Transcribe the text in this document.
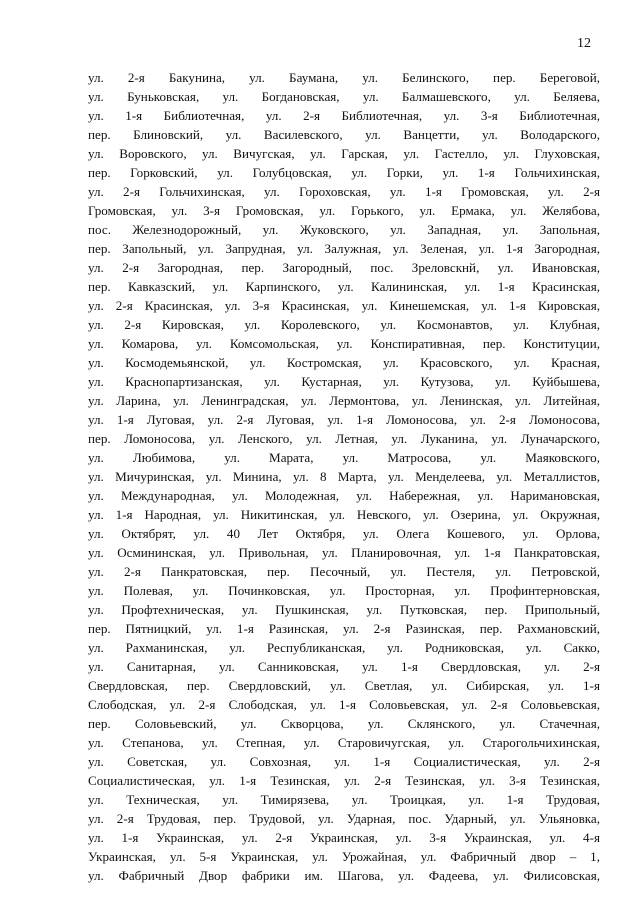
12
ул. 2-я Бакунина, ул. Баумана, ул. Белинского, пер. Береговой,
ул. Буньковская, ул. Богдановская, ул. Балмашевского, ул. Беляева,
ул. 1-я Библиотечная, ул. 2-я Библиотечная, ул. 3-я Библиотечная,
пер. Блиновский, ул. Василевского, ул. Ванцетти, ул. Володарского,
ул. Воровского, ул. Вичугская, ул. Гарская, ул. Гастелло, ул. Глуховская,
пер. Горковский, ул. Голубцовская, ул. Горки, ул. 1-я Гольчихинская,
ул. 2-я Гольчихинская, ул. Гороховская, ул. 1-я Громовская, ул. 2-я
Громовская, ул. 3-я Громовская, ул. Горького, ул. Ермака, ул. Желябова,
пос. Железнодорожный, ул. Жуковского, ул. Западная, ул. Запольная,
пер. Запольный, ул. Запрудная, ул. Залужная, ул. Зеленая, ул. 1-я Загородная,
ул. 2-я Загородная, пер. Загородный, пос. Зреловскнй, ул. Ивановская,
пер. Кавказский, ул. Карпинского, ул. Калининская, ул. 1-я Красинская,
ул. 2-я Красинская, ул. 3-я Красинская, ул. Кинешемская, ул. 1-я Кировская,
ул. 2-я Кировская, ул. Королевского, ул. Космонавтов, ул. Клубная,
ул. Комарова, ул. Комсомольская, ул. Конспиративная, пер. Конституции,
ул. Космодемьянской, ул. Костромская, ул. Красовского, ул. Красная,
ул. Краснопартизанская, ул. Кустарная, ул. Кутузова, ул. Куйбышева,
ул. Ларина, ул. Ленинградская, ул. Лермонтова, ул. Ленинская, ул. Литейная,
ул. 1-я Луговая, ул. 2-я Луговая, ул. 1-я Ломоносова, ул. 2-я Ломоносова,
пер. Ломоносова, ул. Ленского, ул. Летная, ул. Луканина, ул. Луначарского,
ул. Любимова, ул. Марата, ул. Матросова, ул. Маяковского,
ул. Мичуринская, ул. Минина, ул. 8 Марта, ул. Менделеева, ул. Металлистов,
ул. Международная, ул. Молодежная, ул. Набережная, ул. Наримановская,
ул. 1-я Народная, ул. Никитинская, ул. Невского, ул. Озерина, ул. Окружная,
ул. Октябрят, ул. 40 Лет Октября, ул. Олега Кошевого, ул. Орлова,
ул. Осмининская, ул. Привольная, ул. Планировочная, ул. 1-я Панкратовская,
ул. 2-я Панкратовская, пер. Песочный, ул. Пестеля, ул. Петровской,
ул. Полевая, ул. Починковская, ул. Просторная, ул. Профинтерновская,
ул. Профтехническая, ул. Пушкинская, ул. Путковская, пер. Припольный,
пер. Пятницкий, ул. 1-я Разинская, ул. 2-я Разинская, пер. Рахмановский,
ул. Рахманинская, ул. Республиканская, ул. Родниковская, ул. Сакко,
ул. Санитарная, ул. Санниковская, ул. 1-я Свердловская, ул. 2-я
Свердловская, пер. Свердловский, ул. Светлая, ул. Сибирская, ул. 1-я
Слободская, ул. 2-я Слободская, ул. 1-я Соловьевская, ул. 2-я Соловьевская,
пер. Соловьевский, ул. Скворцова, ул. Склянского, ул. Стачечная,
ул. Степанова, ул. Степная, ул. Старовичугская, ул. Старогольчихинская,
ул. Советская, ул. Совхозная, ул. 1-я Социалистическая, ул. 2-я
Социалистическая, ул. 1-я Тезинская, ул. 2-я Тезинская, ул. 3-я Тезинская,
ул. Техническая, ул. Тимирязева, ул. Троицкая, ул. 1-я Трудовая,
ул. 2-я Трудовая, пер. Трудовой, ул. Ударная, пос. Ударный, ул. Ульяновка,
ул. 1-я Украинская, ул. 2-я Украинская, ул. 3-я Украинская, ул. 4-я
Украинская, ул. 5-я Украинская, ул. Урожайная, ул. Фабричный двор – 1,
ул. Фабричный Двор фабрики им. Шагова, ул. Фадеева, ул. Филисовская,
